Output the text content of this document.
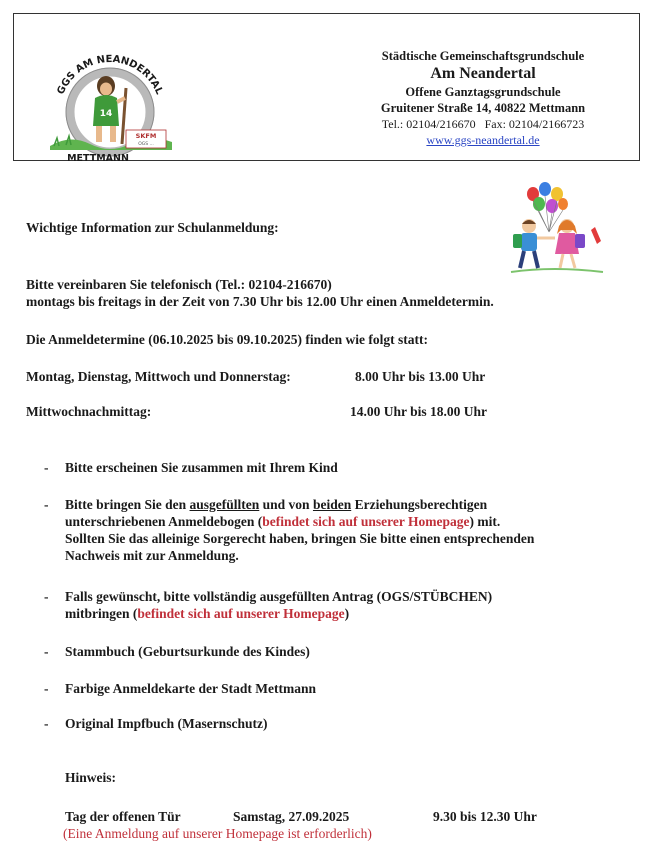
GGS AM NEANDERTAL
14
SKFM
OGS ...
METTMANN
Städtische Gemeinschaftsgrundschule
Am Neandertal
Offene Ganztagsgrundschule
Gruitener Straße 14, 40822 Mettmann
Tel.: 02104/216670 Fax: 02104/2166723
www.ggs-neandertal.de
Wichtige Information zur Schulanmeldung:
Bitte vereinbaren Sie telefonisch (Tel.: 02104-216670)
montags bis freitags in der Zeit von 7.30 Uhr bis 12.00 Uhr einen Anmeldetermin.
Die Anmeldetermine (06.10.2025 bis 09.10.2025) finden wie folgt statt:
Montag, Dienstag, Mittwoch und Donnerstag:	8.00 Uhr bis 13.00 Uhr
Mittwochnachmittag:	14.00 Uhr bis 18.00 Uhr
- Bitte erscheinen Sie zusammen mit Ihrem Kind
- Bitte bringen Sie den ausgefüllten und von beiden Erziehungsberechtigen
unterschriebenen Anmeldebogen (befindet sich auf unserer Homepage) mit.
Sollten Sie das alleinige Sorgerecht haben, bringen Sie bitte einen entsprechenden
Nachweis mit zur Anmeldung.
- Falls gewünscht, bitte vollständig ausgefüllten Antrag (OGS/STÜBCHEN)
mitbringen (befindet sich auf unserer Homepage)
- Stammbuch (Geburtsurkunde des Kindes)
- Farbige Anmeldekarte der Stadt Mettmann
- Original Impfbuch (Masernschutz)
Hinweis:
Tag der offenen Tür	Samstag, 27.09.2025	9.30 bis 12.30 Uhr
(Eine Anmeldung auf unserer Homepage ist erforderlich)
